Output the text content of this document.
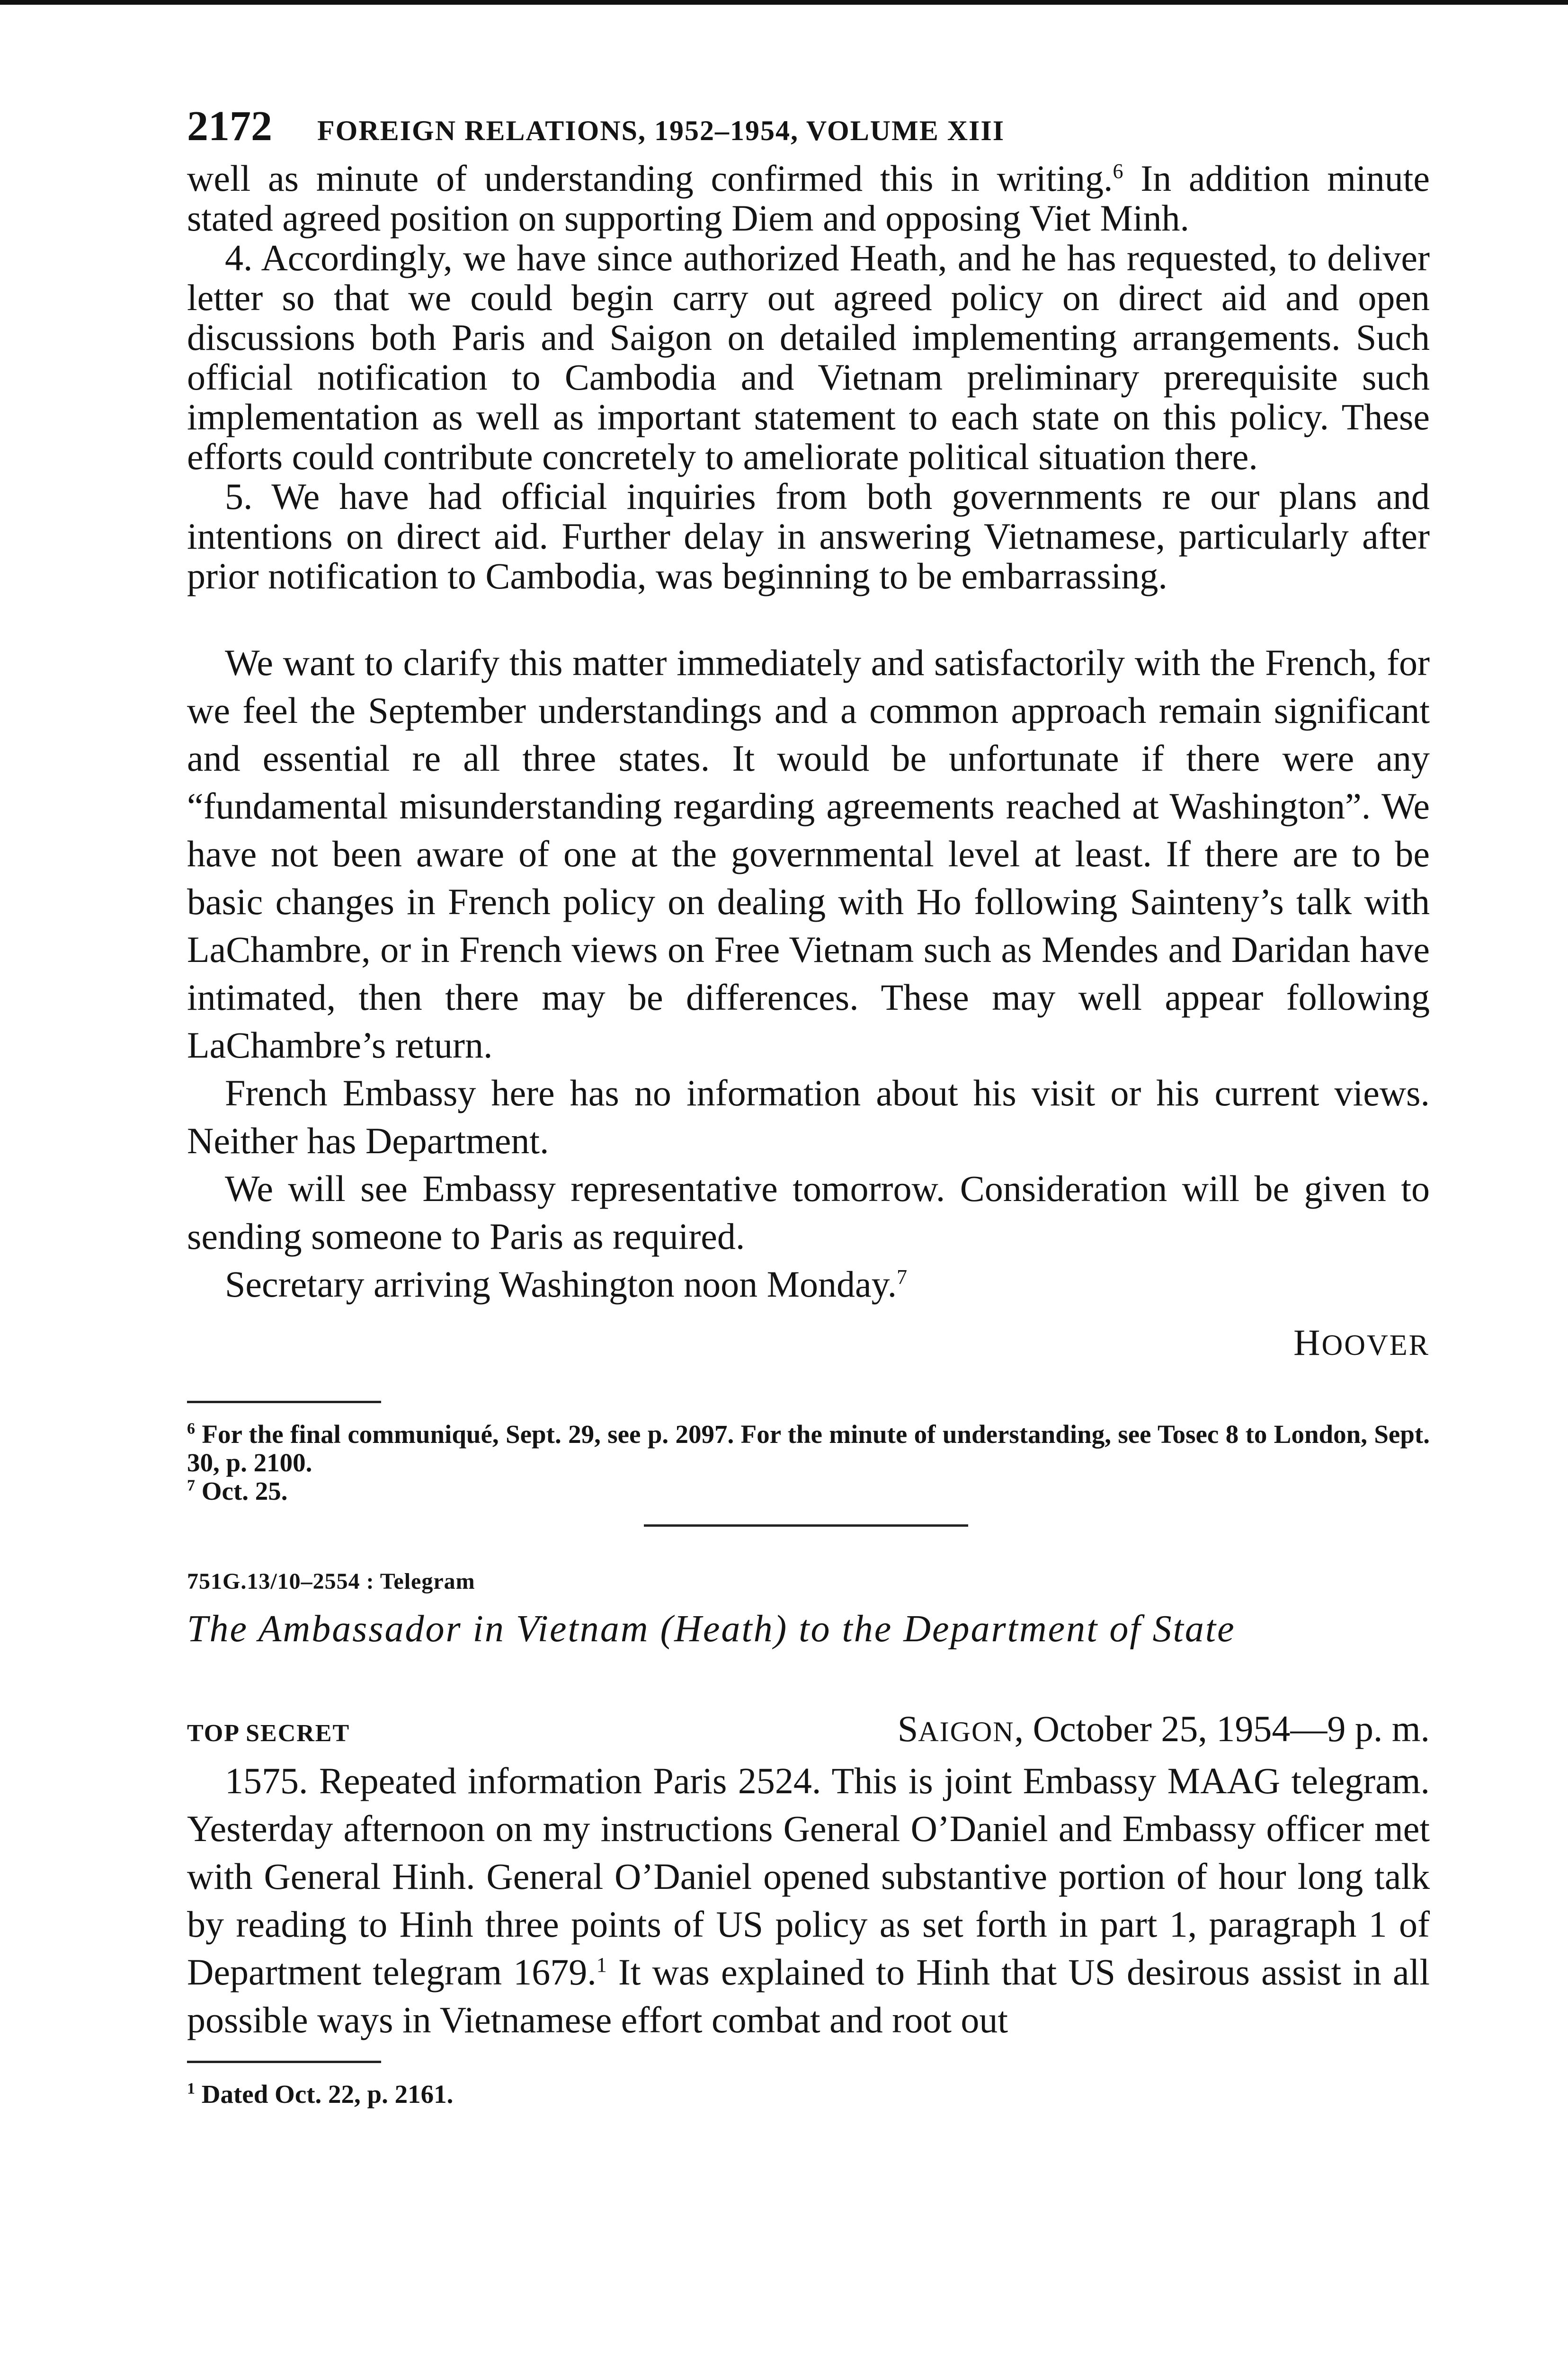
2172 FOREIGN RELATIONS, 1952–1954, VOLUME XIII

well as minute of understanding confirmed this in writing.$^6$ In addition minute stated agreed position on supporting Diem and opposing Viet Minh.

4. Accordingly, we have since authorized Heath, and he has requested, to deliver letter so that we could begin carry out agreed policy on direct aid and open discussions both Paris and Saigon on detailed implementing arrangements. Such official notification to Cambodia and Vietnam preliminary prerequisite such implementation as well as important statement to each state on this policy. These efforts could contribute concretely to ameliorate political situation there.

5. We have had official inquiries from both governments re our plans and intentions on direct aid. Further delay in answering Vietnamese, particularly after prior notification to Cambodia, was beginning to be embarrassing.

We want to clarify this matter immediately and satisfactorily with the French, for we feel the September understandings and a common approach remain significant and essential re all three states. It would be unfortunate if there were any “fundamental misunderstanding regarding agreements reached at Washington”. We have not been aware of one at the governmental level at least. If there are to be basic changes in French policy on dealing with Ho following Sainteny’s talk with LaChambre, or in French views on Free Vietnam such as Mendes and Daridan have intimated, then there may be differences. These may well appear following LaChambre’s return.

French Embassy here has no information about his visit or his current views. Neither has Department.

We will see Embassy representative tomorrow. Consideration will be given to sending someone to Paris as required.

Secretary arriving Washington noon Monday.$^7$

HOOVER

$^6$ For the final communiqué, Sept. 29, see p. 2097. For the minute of understanding, see Tosec 8 to London, Sept. 30, p. 2100.

$^7$ Oct. 25.

751G.13/10–2554 : Telegram
The Ambassador in Vietnam (Heath) to the Department of State
TOP SECRET	SAIGON, October 25, 1954—9 p. m.

1575. Repeated information Paris 2524. This is joint Embassy MAAG telegram. Yesterday afternoon on my instructions General O’Daniel and Embassy officer met with General Hinh. General O’Daniel opened substantive portion of hour long talk by reading to Hinh three points of US policy as set forth in part 1, paragraph 1 of Department telegram 1679.$^1$ It was explained to Hinh that US desirous assist in all possible ways in Vietnamese effort combat and root out

$^1$ Dated Oct. 22, p. 2161.
